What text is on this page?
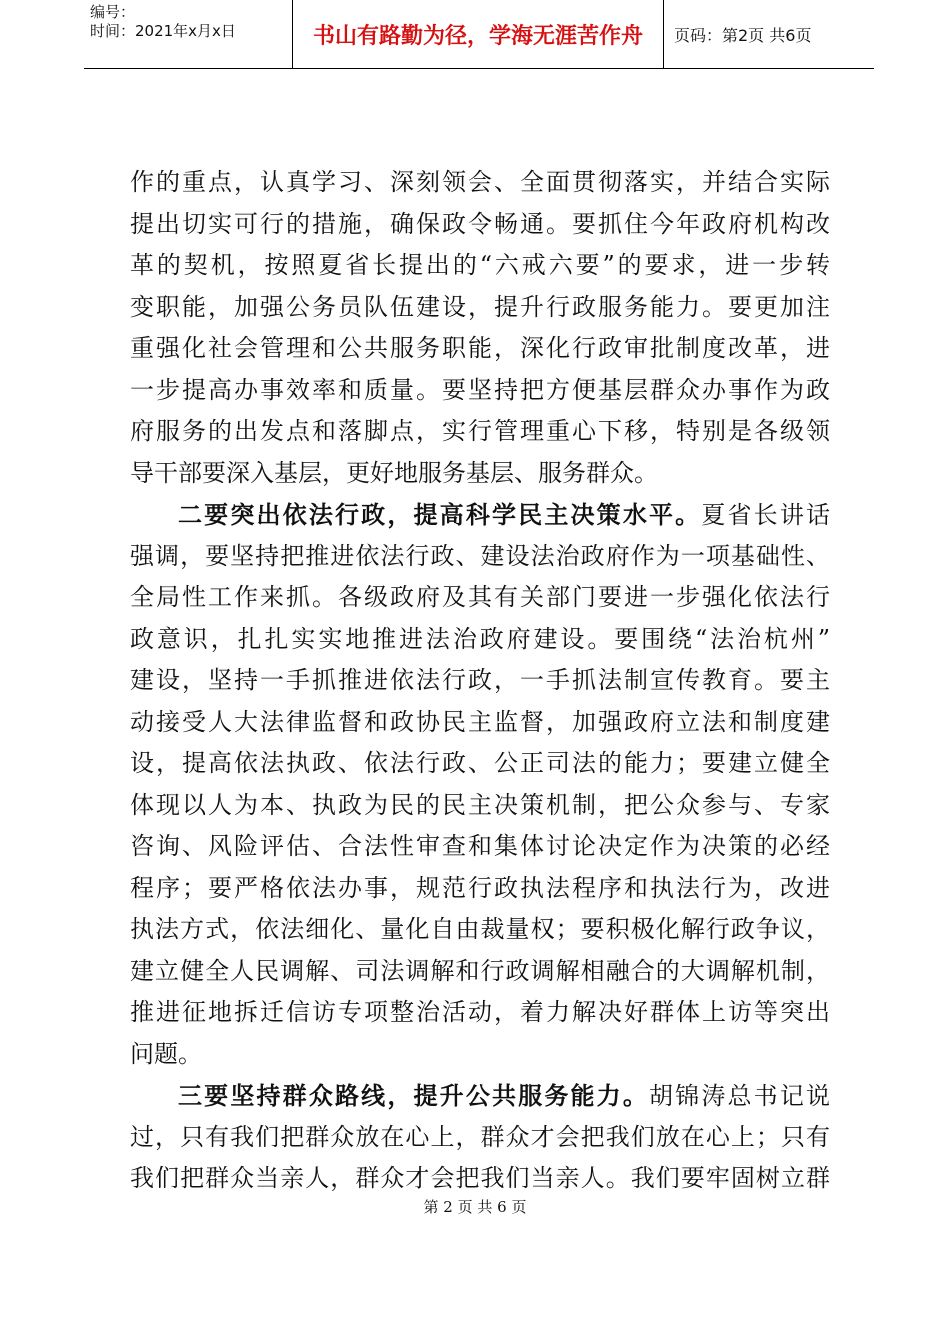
编号：
时间：2021年x月x日	书山有路勤为径，学海无涯苦作舟	页码：第2页 共6页
作的重点，认真学习、深刻领会、全面贯彻落实，并结合实际
提出切实可行的措施，确保政令畅通。要抓住今年政府机构改
革的契机，按照夏省长提出的“六戒六要”的要求，进一步转
变职能，加强公务员队伍建设，提升行政服务能力。要更加注
重强化社会管理和公共服务职能，深化行政审批制度改革，进
一步提高办事效率和质量。要坚持把方便基层群众办事作为政
府服务的出发点和落脚点，实行管理重心下移，特别是各级领
导干部要深入基层，更好地服务基层、服务群众。
二要突出依法行政，提高科学民主决策水平。夏省长讲话
强调，要坚持把推进依法行政、建设法治政府作为一项基础性、
全局性工作来抓。各级政府及其有关部门要进一步强化依法行
政意识，扎扎实实地推进法治政府建设。要围绕“法治杭州”
建设，坚持一手抓推进依法行政，一手抓法制宣传教育。要主
动接受人大法律监督和政协民主监督，加强政府立法和制度建
设，提高依法执政、依法行政、公正司法的能力；要建立健全
体现以人为本、执政为民的民主决策机制，把公众参与、专家
咨询、风险评估、合法性审查和集体讨论决定作为决策的必经
程序；要严格依法办事，规范行政执法程序和执法行为，改进
执法方式，依法细化、量化自由裁量权；要积极化解行政争议，
建立健全人民调解、司法调解和行政调解相融合的大调解机制，
推进征地拆迁信访专项整治活动，着力解决好群体上访等突出
问题。
三要坚持群众路线，提升公共服务能力。胡锦涛总书记说
过，只有我们把群众放在心上，群众才会把我们放在心上；只有
我们把群众当亲人，群众才会把我们当亲人。我们要牢固树立群
第 2 页 共 6 页
